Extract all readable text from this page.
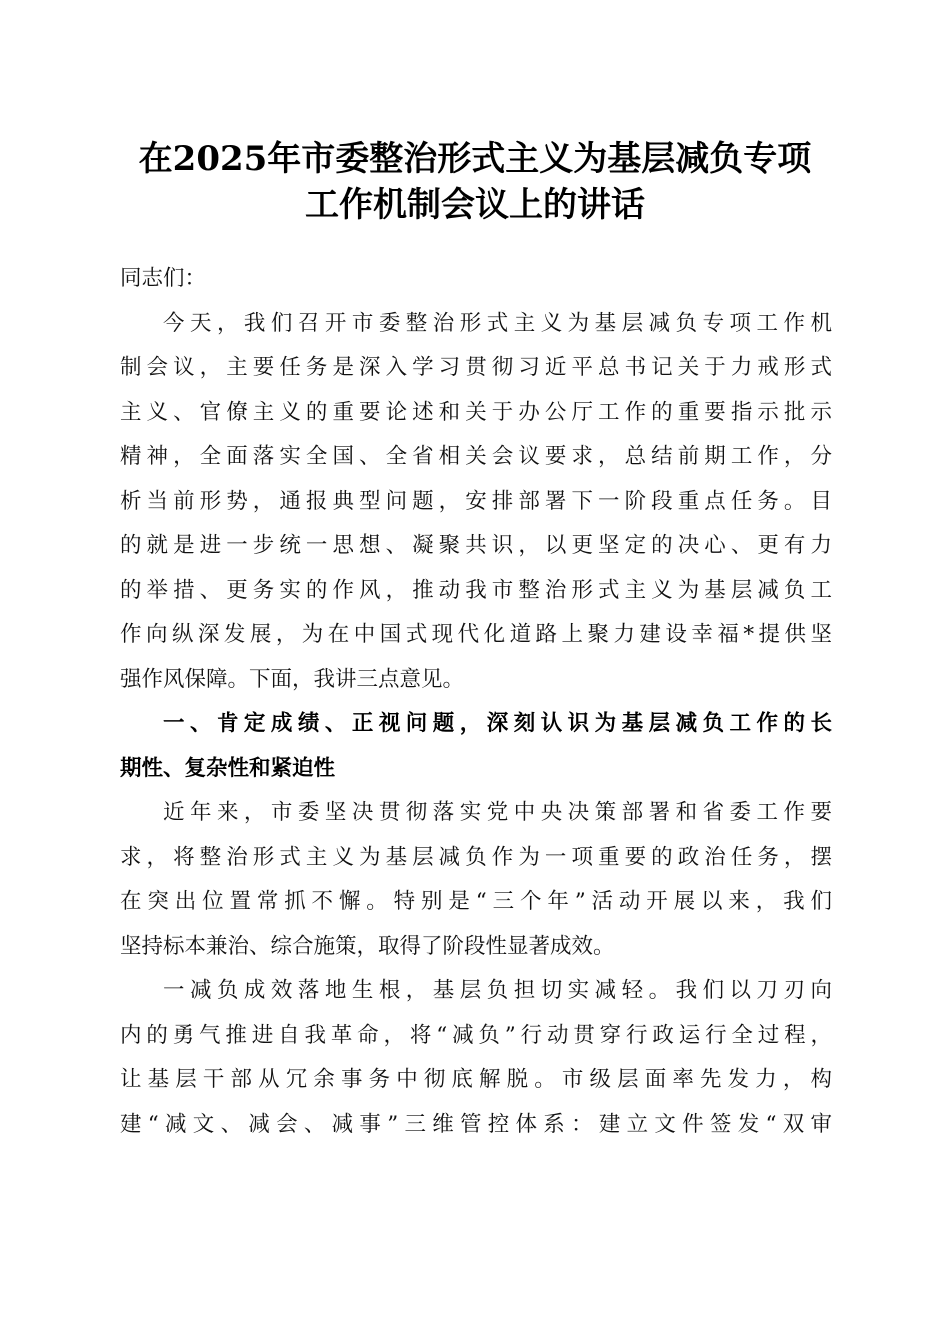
在2025年市委整治形式主义为基层减负专项
工作机制会议上的讲话

同志们：

今天，我们召开市委整治形式主义为基层减负专项工作机
制会议，主要任务是深入学习贯彻习近平总书记关于力戒形式
主义、官僚主义的重要论述和关于办公厅工作的重要指示批示
精神，全面落实全国、全省相关会议要求，总结前期工作，分
析当前形势，通报典型问题，安排部署下一阶段重点任务。目
的就是进一步统一思想、凝聚共识，以更坚定的决心、更有力
的举措、更务实的作风，推动我市整治形式主义为基层减负工
作向纵深发展，为在中国式现代化道路上聚力建设幸福*提供坚
强作风保障。下面，我讲三点意见。
一、肯定成绩、正视问题，深刻认识为基层减负工作的长
期性、复杂性和紧迫性
近年来，市委坚决贯彻落实党中央决策部署和省委工作要
求，将整治形式主义为基层减负作为一项重要的政治任务，摆
在突出位置常抓不懈。特别是“三个年”活动开展以来，我们
坚持标本兼治、综合施策，取得了阶段性显著成效。
一减负成效落地生根，基层负担切实减轻。我们以刀刃向
内的勇气推进自我革命，将“减负”行动贯穿行政运行全过程，
让基层干部从冗余事务中彻底解脱。市级层面率先发力，构
建“减文、减会、减事”三维管控体系：建立文件签发“双审
